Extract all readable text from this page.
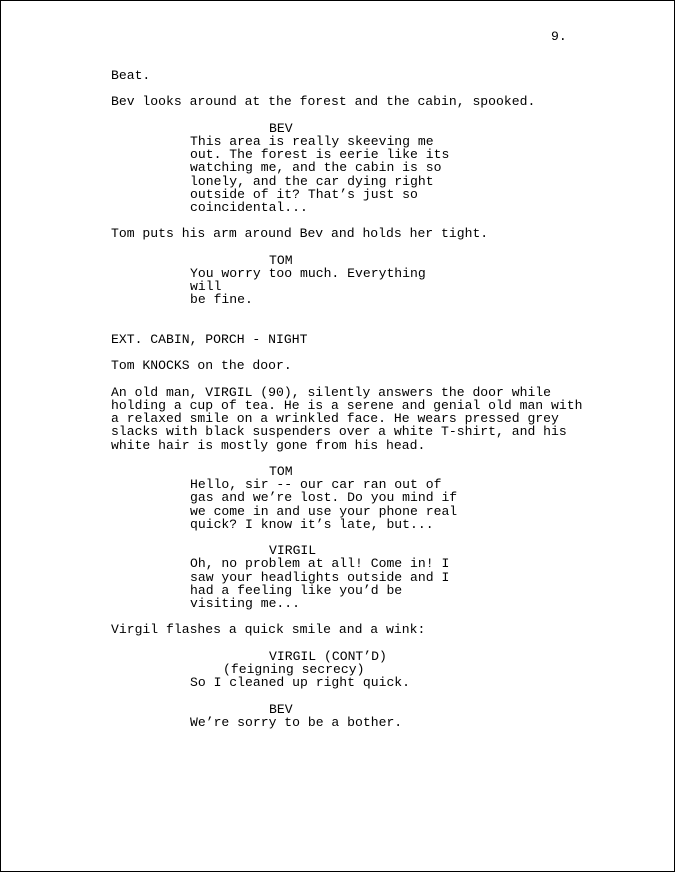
9.

Beat.

Bev looks around at the forest and the cabin, spooked.

BEV

This area is really skeeving me
out. The forest is eerie like its
watching me, and the cabin is so
lonely, and the car dying right
outside of it? That’s just so
coincidental...

Tom puts his arm around Bev and holds her tight.

TOM

You worry too much. Everything will
be fine.

EXT. CABIN, PORCH - NIGHT

Tom KNOCKS on the door.

An old man, VIRGIL (90), silently answers the door while
holding a cup of tea. He is a serene and genial old man with
a relaxed smile on a wrinkled face. He wears pressed grey
slacks with black suspenders over a white T-shirt, and his
white hair is mostly gone from his head.

TOM

Hello, sir -- our car ran out of
gas and we’re lost. Do you mind if
we come in and use your phone real
quick? I know it’s late, but...

VIRGIL

Oh, no problem at all! Come in! I
saw your headlights outside and I
had a feeling like you’d be
visiting me...

Virgil flashes a quick smile and a wink:

VIRGIL (CONT’D)

(feigning secrecy)

So I cleaned up right quick.

BEV

We’re sorry to be a bother.
